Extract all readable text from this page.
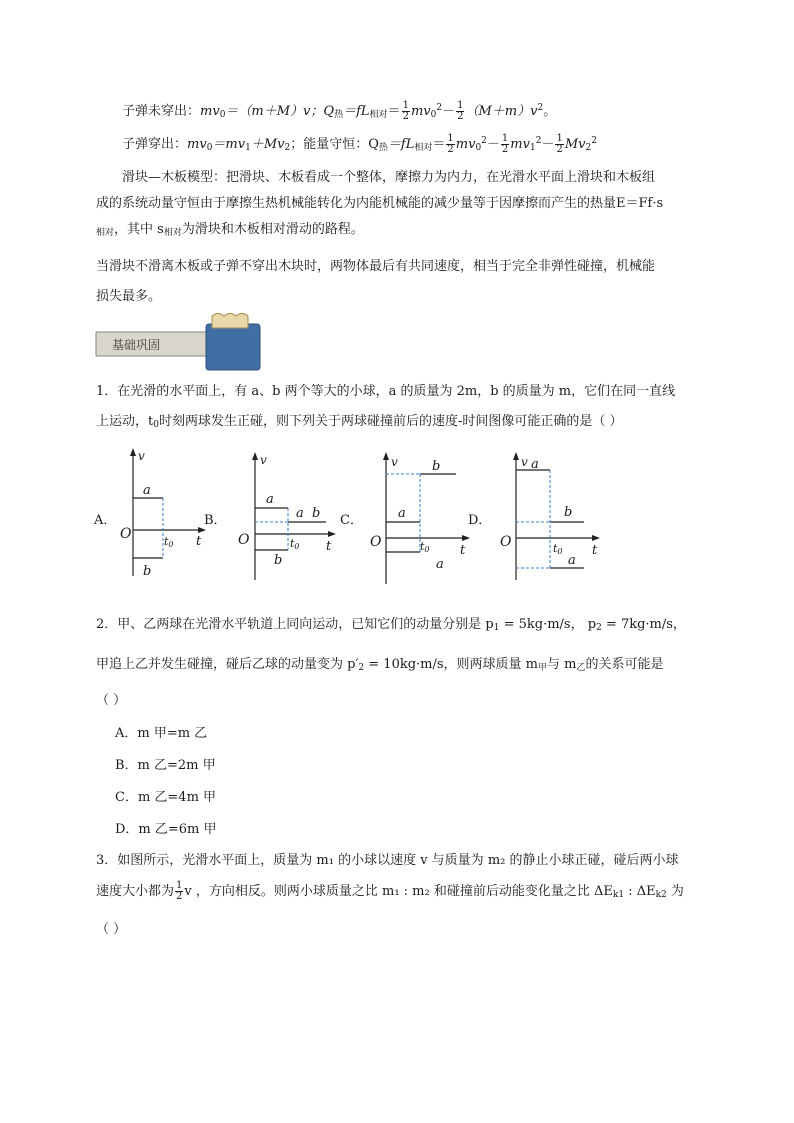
子弹未穿出：$mv_0=(m+M)v$；$Q_热=fL_{相对}= \frac{1}{2} mv_0^2- \frac{1}{2} (M+m)v^2$。
子弹穿出：$mv_0=mv_1+Mv_2$；能量守恒：$Q_热=fL_{相对}= \frac{1}{2} mv_0^2- \frac{1}{2} mv_1^2- \frac{1}{2} Mv_2^2$
滑块—木板模型：把滑块、木板看成一个整体，摩擦力为内力，在光滑水平面上滑块和木板组
成的系统动量守恒由于摩擦生热机械能转化为内能机械能的减少量等于因摩擦而产生的热量E＝Ff·s
$_{相对}$，其中 $s_{相对}$为滑块和木板相对滑动的路程。
当滑块不滑离木板或子弹不穿出木块时，两物体最后有共同速度，相当于完全非弹性碰撞，机械能
损失最多。
基础巩固
1．在光滑的水平面上，有 a、b 两个等大的小球，a 的质量为 2m，b 的质量为 m，它们在同一直线
上运动，$t_0$时刻两球发生正碰，则下列关于两球碰撞前后的速度-时间图像可能正确的是（ ）
A．	B．	C．	D．
v
a
O	t0 t
b
v
a
a b
O	t0 t
b
v	b
a
O	t0 t
a
v a
b
O	t0 t
a
2．甲、乙两球在光滑水平轨道上同向运动，已知它们的动量分别是 $p_1 = 5kg\cdot m/s$， $p_2 = 7kg\cdot m/s$，
甲追上乙并发生碰撞，碰后乙球的动量变为 $p'_2 = 10kg\cdot m/s$，则两球质量 $m_甲$与 $m_乙$的关系可能是
（ ）
A．m 甲=m 乙
B．m 乙=2m 甲
C．m 乙=4m 甲
D．m 乙=6m 甲
3．如图所示，光滑水平面上，质量为 m₁ 的小球以速度 v 与质量为 m₂ 的静止小球正碰，碰后两小球
速度大小都为 $\frac{1}{2}$ v ，方向相反。则两小球质量之比 m₁ : m₂ 和碰撞前后动能变化量之比 $\Delta E_{k1}$ : $\Delta E_{k2}$ 为
（ ）
